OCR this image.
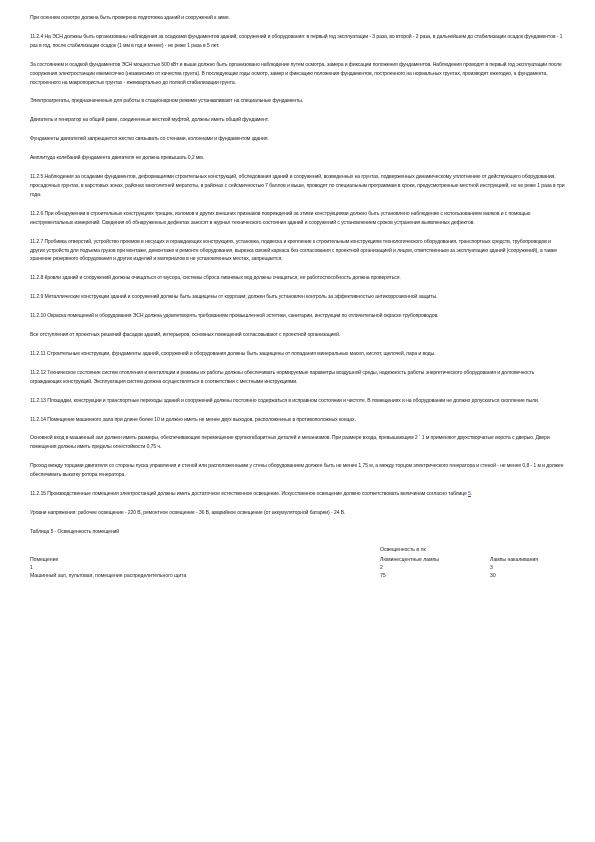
При осеннем осмотре должна быть проверена подготовка зданий и сооружений к зиме.

11.2.4 На ЭСН должны быть организованы наблюдения за осадками фундаментов зданий, сооружений и оборудования: в первый год эксплуатации - 3 раза, во второй - 2 раза, в дальнейшем до стабилизации осадок фундаментов - 1 раз в год, после стабилизации осадок (1 мм в год и менее) - не реже 1 раза в 5 лет.

За состоянием и осадкой фундаментов ЭСН мощностью 500 кВт и выше должно быть организовано наблюдение путем осмотра, замера и фиксации положения фундаментов. Наблюдения проводят в первый год эксплуатации после сооружения электростанции ежемесячно (независимо от качества грунта). В последующие годы осмотр, замер и фиксацию положения фундаментов, построенного на нормальных грунтах, производят ежегодно, а фундамента, построенного на макропористых грунтах - ежеквартально до полной стабилизации грунта.

Электроагрегаты, предназначенные для работы в стационарном режиме устанавливают на специальные фундаменты.

Двигатель и генератор на общей раме, соединенные жесткой муфтой, должны иметь общий фундамент.

Фундаменты двигателей запрещается жестко связывать со стенами, колоннами и фундаментом здания.

Амплитуда колебаний фундамента двигателя не должна превышать 0,2 мм.

11.2.5 Наблюдения за осадками фундаментов, деформациями строительных конструкций, обследования зданий и сооружений, возведенных на грунтах, подверженных динамическому уплотнению от действующего оборудования, просадочных грунтах, в карстовых зонах, районах многолетней мерзлоты, в районах с сейсмичностью 7 баллов и выше, проводят по специальным программам в сроки, предусмотренные местной инструкцией, но не реже 1 раза в три года.

11.2.6 При обнаружении в строительных конструкциях трещин, изломов и других внешних признаков повреждений за этими конструкциями должно быть установлено наблюдение с использованием маяков и с помощью инструментальных измерений. Сведения об обнаруженных дефектах заносят в журнал технического состояния зданий и сооружений с установлением сроков устранения выявленных дефектов.

11.2.7 Пробивка отверстий, устройство проемов в несущих и ограждающих конструкциях, установка, подвеска и крепление к строительным конструкциям технологического оборудования, транспортных средств, трубопроводов и других устройств для подъема грузов при монтаже, демонтаже и ремонте оборудования, вырезка связей каркаса без согласования с проектной организацией и лицом, ответственным за эксплуатацию зданий (сооружений), а также хранение резервного оборудования и других изделий и материалов в не установленных местах, запрещается.

11.2.8 Кровли зданий и сооружений должны очищаться от мусора, системы сброса ливневых вод должны очищаться, ее работоспособность должна проверяться.

11.2.9 Металлические конструкции зданий и сооружений должны быть защищены от коррозии; должен быть установлен контроль за эффективностью антикоррозионной защиты.

11.2.10 Окраска помещений и оборудования ЭСН должна удовлетворять требованиям промышленной эстетики, санитарии, инструкции по отличительной окраске трубопроводов.

Все отступления от проектных решений фасадов зданий, интерьеров, основных помещений согласовывают с проектной организацией.

11.2.11 Строительные конструкции, фундаменты зданий, сооружений и оборудования должны быть защищены от попадания минеральных масел, кислот, щелочей, пара и воды.

11.2.12 Техническое состояние систем отопления и вентиляции и режимы их работы должны обеспечивать нормируемые параметры воздушной среды, надежность работы энергетического оборудования и долговечность ограждающих конструкций. Эксплуатация систем должна осуществляться в соответствии с местными инструкциями.

11.2.13 Площадки, конструкции и транспортные переходы зданий и сооружений должны постоянно содержаться в исправном состоянии и чистоте. В помещениях и на оборудовании не должно допускаться скопление пыли.

11.2.14 Помещение машинного зала при длине более 10 м должно иметь не менее двух выходов, расположенных в противоположных концах.

Основной вход в машинный зал должен иметь размеры, обеспечивающие перемещение крупногабаритных деталей и механизмов. При размере входа, превышающем 2 ´ 1 м применяют двухстворчатые ворота с дверью. Двери помещения должны иметь пределы огнестойкости 0,75 ч.

Проход между торцами двигателя со стороны пуска управления и стеной или расположенными у стены оборудованием должен быть не менее 1,75 м, а между торцом электрического генератора и стеной - не менее 0,8 - 1 м и должен обеспечивать выкатку ротора генератора.

11.2.15 Производственные помещения электростанций должны иметь достаточное естественное освещение. Искусственное освещение должно соответствовать величинам согласно таблице 5.

Уровни напряжения: рабочее освещение - 220 В, ремонтное освещение - 36 В, аварийное освещение (от аккумуляторной батареи) - 24 В.

Таблица 5 - Освещенность помещений

Помещение	Освещенность в лк	
	Люминесцентные лампы	Лампы накаливания
1	2	3
Машинный зал, пультовая, помещение распределительного щита	75	30
